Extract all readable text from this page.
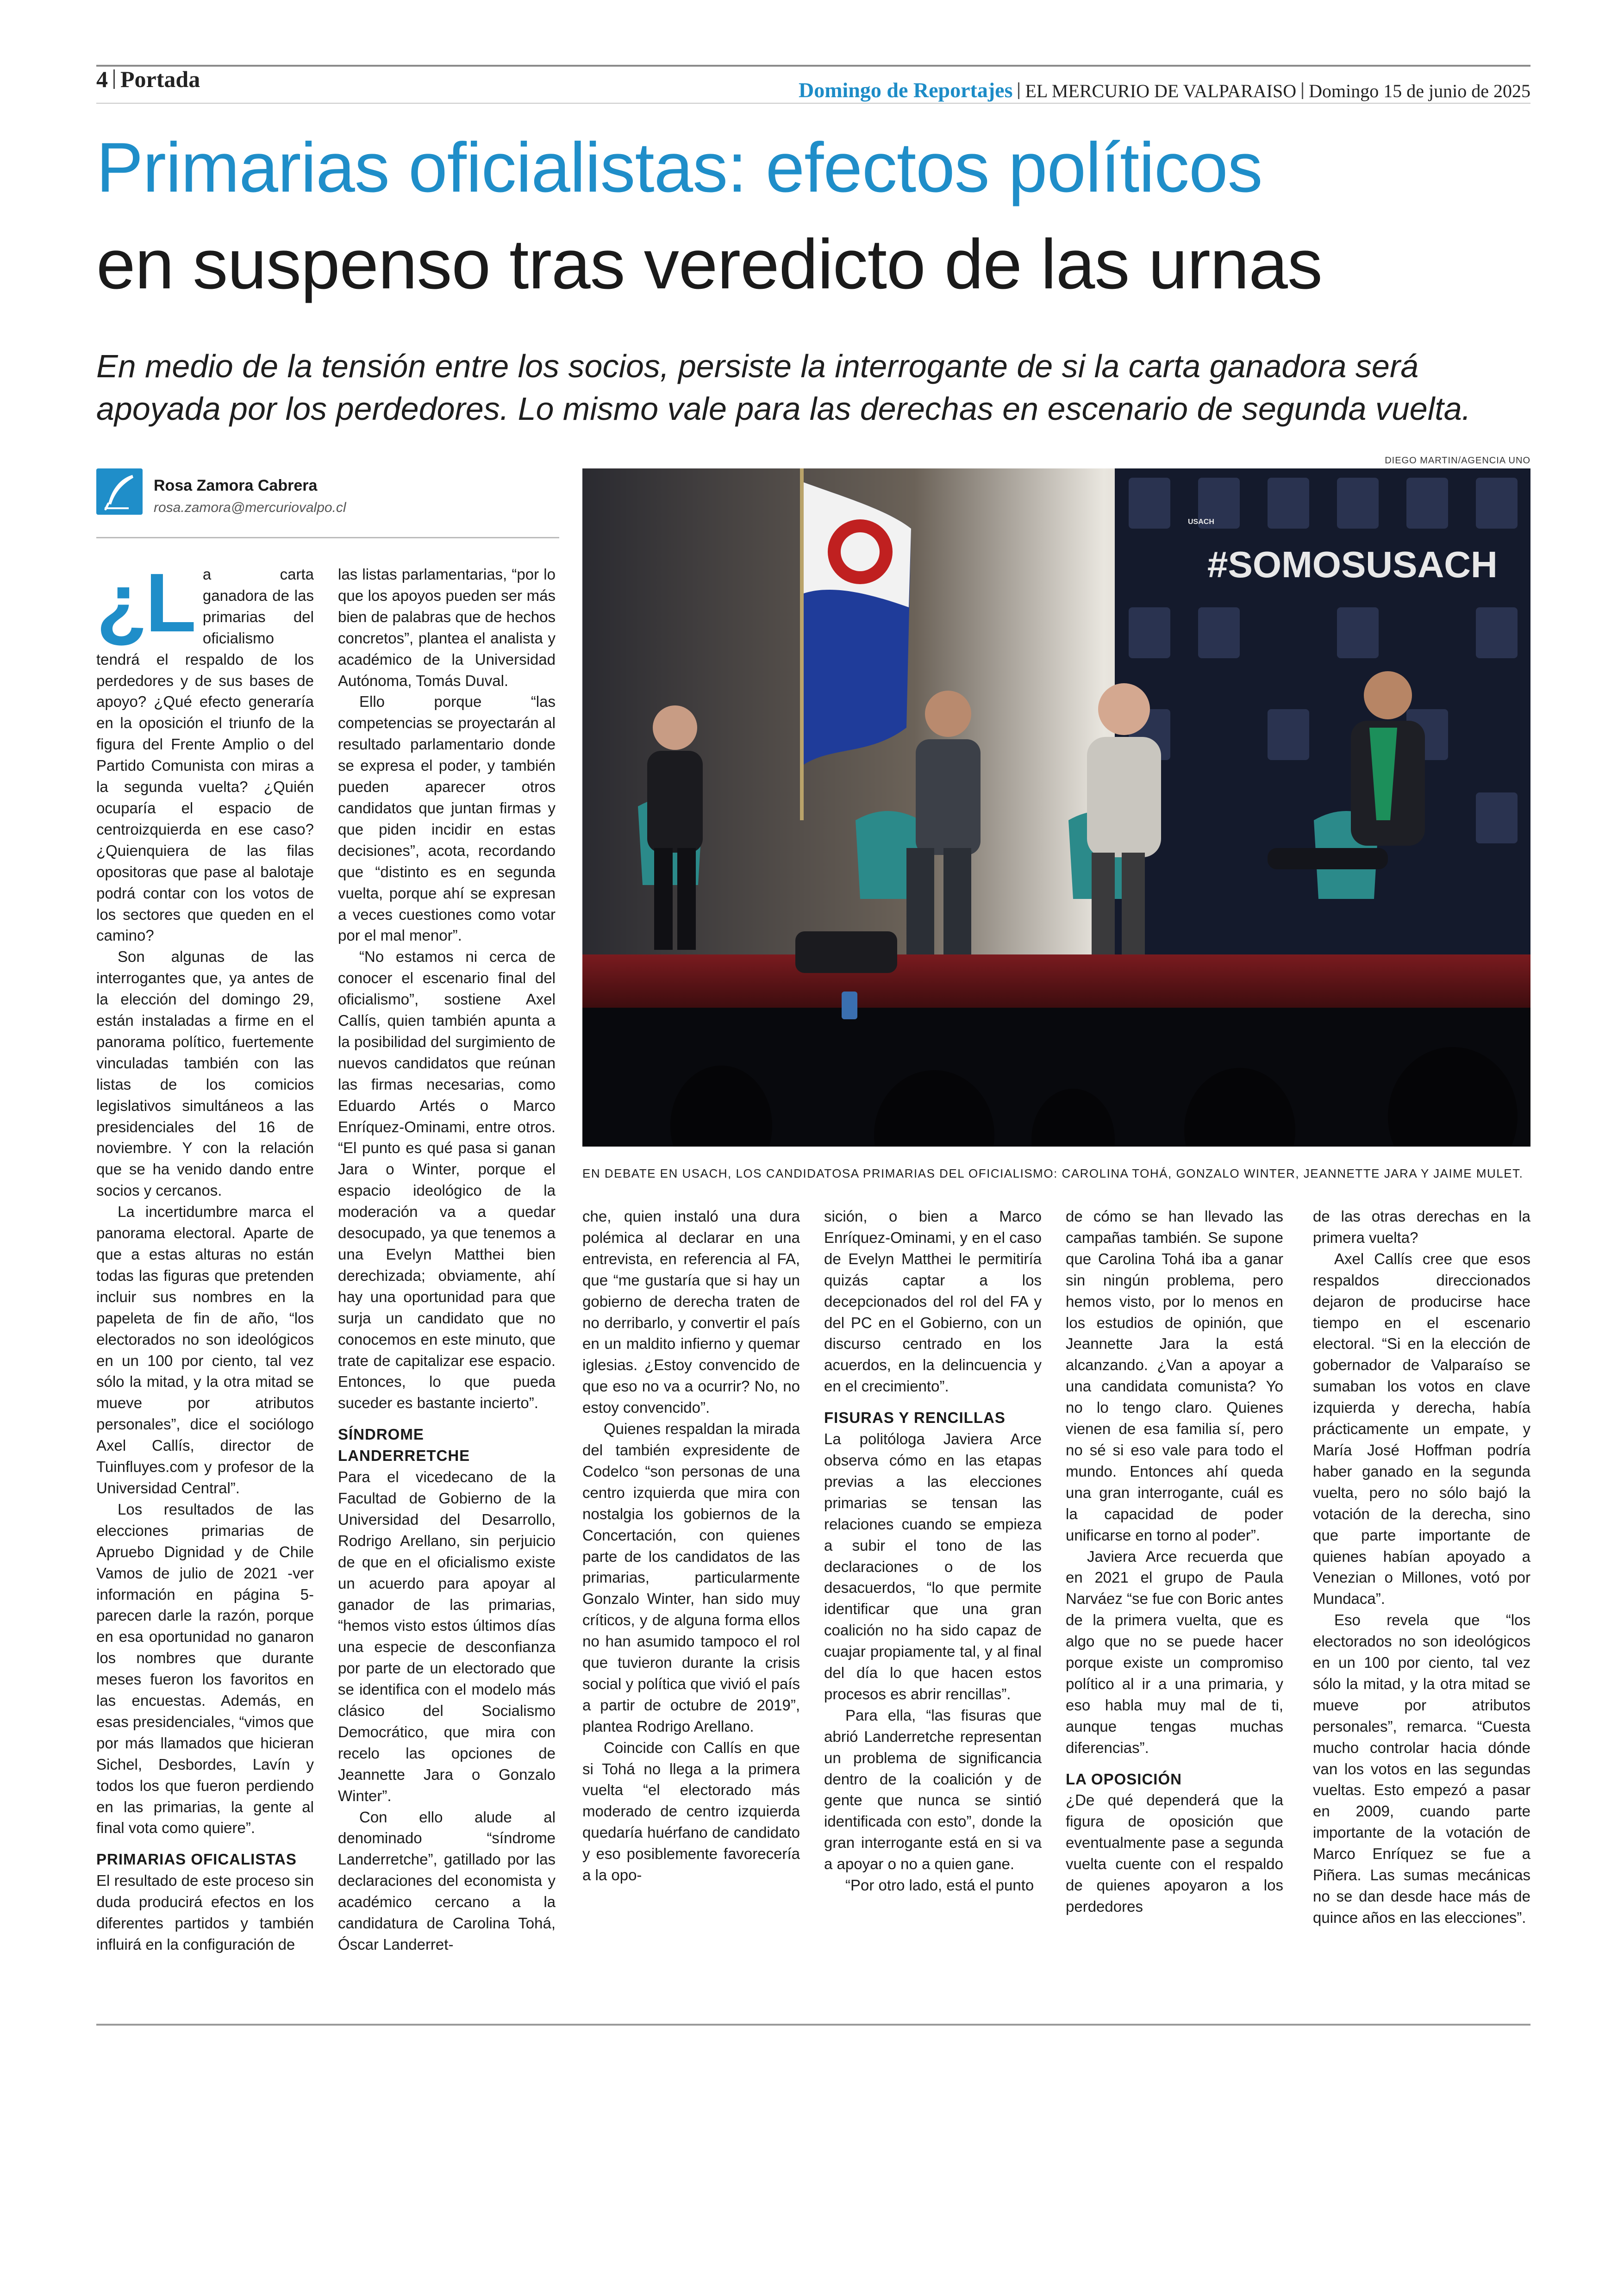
4 Portada	Domingo de Reportajes EL MERCURIO DE VALPARAISO Domingo 15 de junio de 2025
Primarias oficialistas: efectos políticos
en suspenso tras veredicto de las urnas
En medio de la tensión entre los socios, persiste la interrogante de si la carta ganadora será apoyada por los perdedores. Lo mismo vale para las derechas en escenario de segunda vuelta.
Rosa Zamora Cabrera
rosa.zamora@mercuriovalpo.cl
DIEGO MARTIN/AGENCIA UNO
#SOMOSUSACH
USACH
EN DEBATE EN USACH, LOS CANDIDATOSA PRIMARIAS DEL OFICIALISMO: CAROLINA TOHÁ, GONZALO WINTER, JEANNETTE JARA Y JAIME MULET.

¿L a carta ganadora de las primarias del oficialismo tendrá el respaldo de los perdedores y de sus bases de apoyo? ¿Qué efecto generaría en la oposición el triunfo de la figura del Frente Amplio o del Partido Comunista con miras a la segunda vuelta? ¿Quién ocuparía el espacio de centroizquierda en ese caso? ¿Quienquiera de las filas opositoras que pase al balotaje podrá contar con los votos de los sectores que queden en el camino?

Son algunas de las interrogantes que, ya antes de la elección del domingo 29, están instaladas a firme en el panorama político, fuertemente vinculadas también con las listas de los comicios legislativos simultáneos a las presidenciales del 16 de noviembre. Y con la relación que se ha venido dando entre socios y cercanos.

La incertidumbre marca el panorama electoral. Aparte de que a estas alturas no están todas las figuras que pretenden incluir sus nombres en la papeleta de fin de año, “los electorados no son ideológicos en un 100 por ciento, tal vez sólo la mitad, y la otra mitad se mueve por atributos personales”, dice el sociólogo Axel Callís, director de Tuinfluyes.com y profesor de la Universidad Central”.

Los resultados de las elecciones primarias de Apruebo Dignidad y de Chile Vamos de julio de 2021 -ver información en página 5- parecen darle la razón, porque en esa oportunidad no ganaron los nombres que durante meses fueron los favoritos en las encuestas. Además, en esas presidenciales, “vimos que por más llamados que hicieran Sichel, Desbordes, Lavín y todos los que fueron perdiendo en las primarias, la gente al final vota como quiere”.

PRIMARIAS OFICALISTAS

El resultado de este proceso sin duda producirá efectos en los diferentes partidos y también influirá en la configuración de

las listas parlamentarias, “por lo que los apoyos pueden ser más bien de palabras que de hechos concretos”, plantea el analista y académico de la Universidad Autónoma, Tomás Duval.

Ello porque “las competencias se proyectarán al resultado parlamentario donde se expresa el poder, y también pueden aparecer otros candidatos que juntan firmas y que piden incidir en estas decisiones”, acota, recordando que “distinto es en segunda vuelta, porque ahí se expresan a veces cuestiones como votar por el mal menor”.

“No estamos ni cerca de conocer el escenario final del oficialismo”, sostiene Axel Callís, quien también apunta a la posibilidad del surgimiento de nuevos candidatos que reúnan las firmas necesarias, como Eduardo Artés o Marco Enríquez-Ominami, entre otros. “El punto es qué pasa si ganan Jara o Winter, porque el espacio ideológico de la moderación va a quedar desocupado, ya que tenemos a una Evelyn Matthei bien derechizada; obviamente, ahí hay una oportunidad para que surja un candidato que no conocemos en este minuto, que trate de capitalizar ese espacio. Entonces, lo que pueda suceder es bastante incierto”.

SÍNDROME LANDERRETCHE

Para el vicedecano de la Facultad de Gobierno de la Universidad del Desarrollo, Rodrigo Arellano, sin perjuicio de que en el oficialismo existe un acuerdo para apoyar al ganador de las primarias, “hemos visto estos últimos días una especie de desconfianza por parte de un electorado que se identifica con el modelo más clásico del Socialismo Democrático, que mira con recelo las opciones de Jeannette Jara o Gonzalo Winter”.

Con ello alude al denominado “síndrome Landerretche”, gatillado por las declaraciones del economista y académico cercano a la candidatura de Carolina Tohá, Óscar Landerret-

che, quien instaló una dura polémica al declarar en una entrevista, en referencia al FA, que “me gustaría que si hay un gobierno de derecha traten de no derribarlo, y convertir el país en un maldito infierno y quemar iglesias. ¿Estoy convencido de que eso no va a ocurrir? No, no estoy convencido”.

Quienes respaldan la mirada del también expresidente de Codelco “son personas de una centro izquierda que mira con nostalgia los gobiernos de la Concertación, con quienes parte de los candidatos de las primarias, particularmente Gonzalo Winter, han sido muy críticos, y de alguna forma ellos no han asumido tampoco el rol que tuvieron durante la crisis social y política que vivió el país a partir de octubre de 2019”, plantea Rodrigo Arellano.

Coincide con Callís en que si Tohá no llega a la primera vuelta “el electorado más moderado de centro izquierda quedaría huérfano de candidato y eso posiblemente favorecería a la opo-

sición, o bien a Marco Enríquez-Ominami, y en el caso de Evelyn Matthei le permitiría quizás captar a los decepcionados del rol del FA y del PC en el Gobierno, con un discurso centrado en los acuerdos, en la delincuencia y en el crecimiento”.

FISURAS Y RENCILLAS

La politóloga Javiera Arce observa cómo en las etapas previas a las elecciones primarias se tensan las relaciones cuando se empieza a subir el tono de las declaraciones o de los desacuerdos, “lo que permite identificar que una gran coalición no ha sido capaz de cuajar propiamente tal, y al final del día lo que hacen estos procesos es abrir rencillas”.

Para ella, “las fisuras que abrió Landerretche representan un problema de significancia dentro de la coalición y de gente que nunca se sintió identificada con esto”, donde la gran interrogante está en si va a apoyar o no a quien gane.

“Por otro lado, está el punto

de cómo se han llevado las campañas también. Se supone que Carolina Tohá iba a ganar sin ningún problema, pero hemos visto, por lo menos en los estudios de opinión, que Jeannette Jara la está alcanzando. ¿Van a apoyar a una candidata comunista? Yo no lo tengo claro. Quienes vienen de esa familia sí, pero no sé si eso vale para todo el mundo. Entonces ahí queda una gran interrogante, cuál es la capacidad de poder unificarse en torno al poder”.

Javiera Arce recuerda que en 2021 el grupo de Paula Narváez “se fue con Boric antes de la primera vuelta, que es algo que no se puede hacer porque existe un compromiso político al ir a una primaria, y eso habla muy mal de ti, aunque tengas muchas diferencias”.

LA OPOSICIÓN

¿De qué dependerá que la figura de oposición que eventualmente pase a segunda vuelta cuente con el respaldo de quienes apoyaron a los perdedores

de las otras derechas en la primera vuelta?

Axel Callís cree que esos respaldos direccionados dejaron de producirse hace tiempo en el escenario electoral. “Si en la elección de gobernador de Valparaíso se sumaban los votos en clave izquierda y derecha, había prácticamente un empate, y María José Hoffman podría haber ganado en la segunda vuelta, pero no sólo bajó la votación de la derecha, sino que parte importante de quienes habían apoyado a Venezian o Millones, votó por Mundaca”.

Eso revela que “los electorados no son ideológicos en un 100 por ciento, tal vez sólo la mitad, y la otra mitad se mueve por atributos personales”, remarca. “Cuesta mucho controlar hacia dónde van los votos en las segundas vueltas. Esto empezó a pasar en 2009, cuando parte importante de la votación de Marco Enríquez se fue a Piñera. Las sumas mecánicas no se dan desde hace más de quince años en las elecciones”.
